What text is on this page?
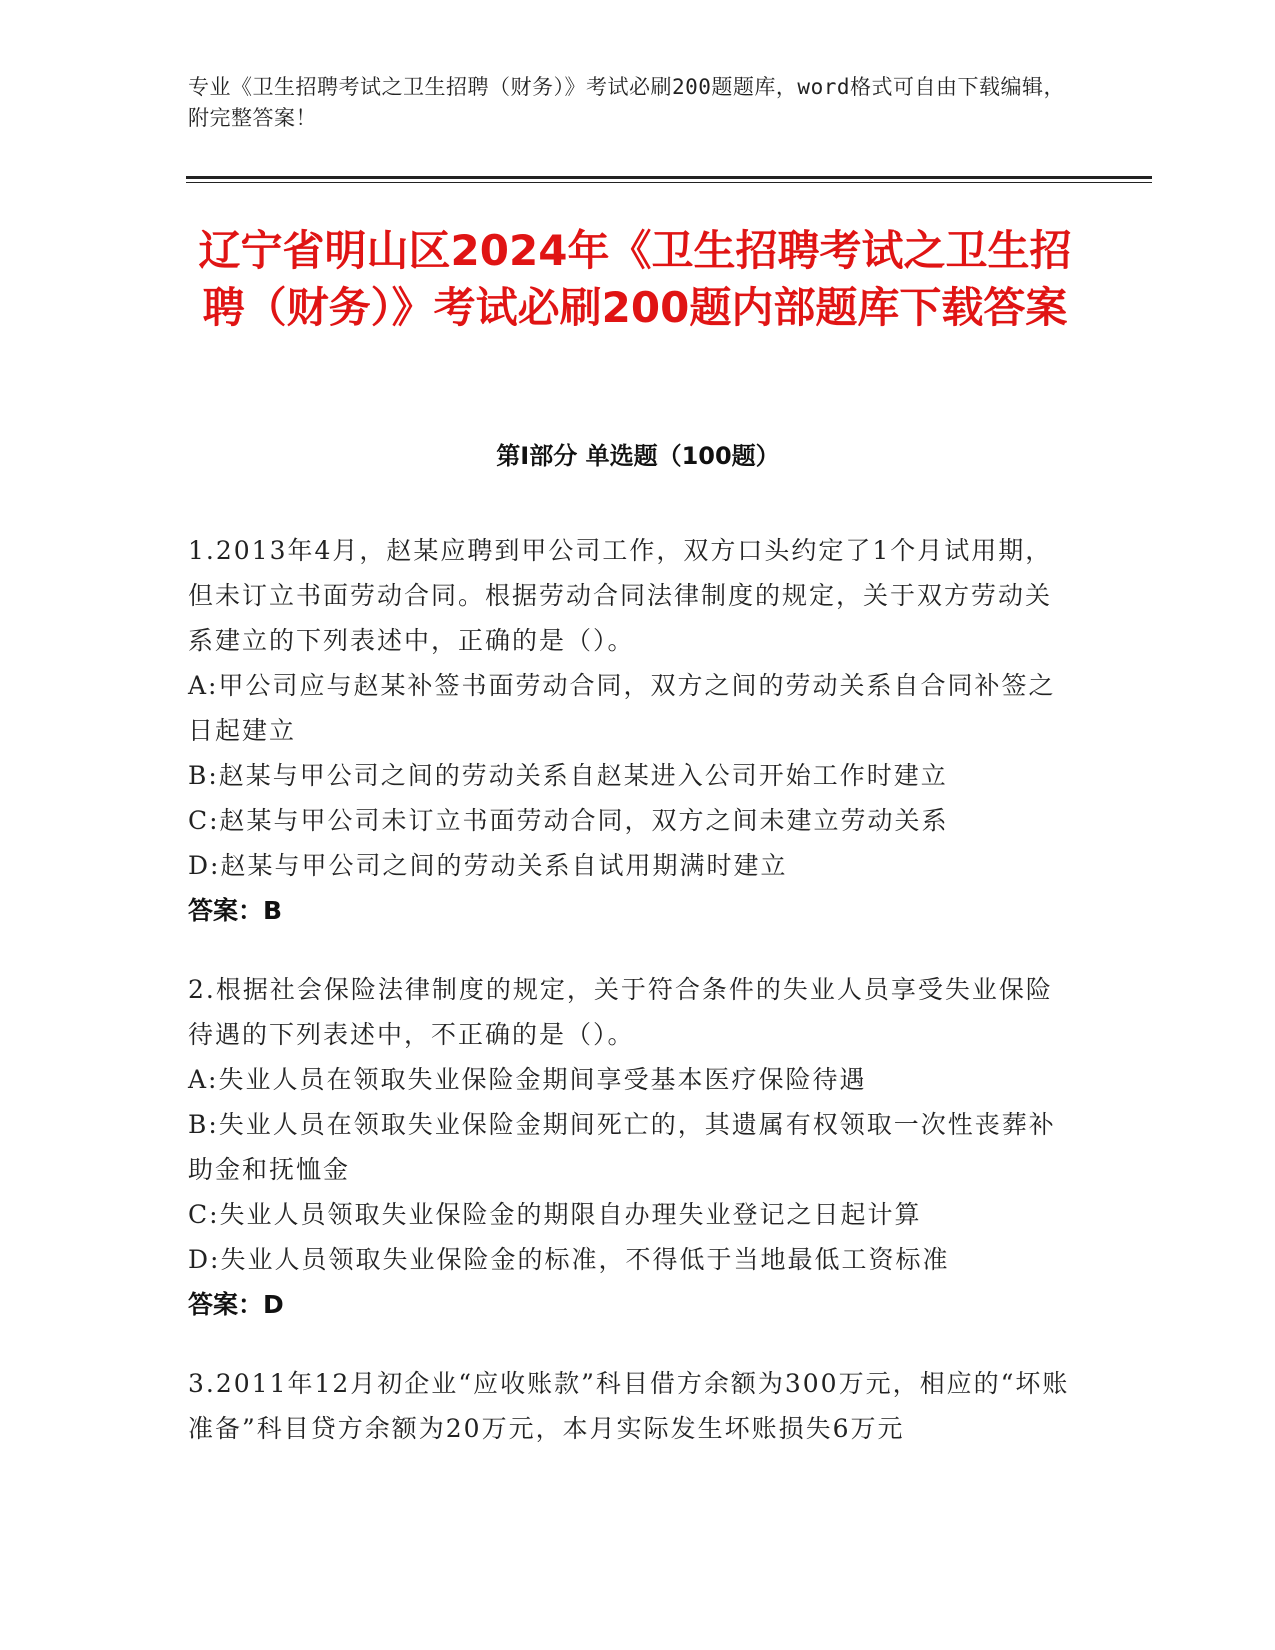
专业《卫生招聘考试之卫生招聘（财务）》考试必刷200题题库，word格式可自由下载编辑，附完整答案！
辽宁省明山区2024年《卫生招聘考试之卫生招聘（财务）》考试必刷200题内部题库下载答案
第I部分 单选题（100题）
1.2013年4月，赵某应聘到甲公司工作，双方口头约定了1个月试用期，但未订立书面劳动合同。根据劳动合同法律制度的规定，关于双方劳动关系建立的下列表述中，正确的是（）。
A:甲公司应与赵某补签书面劳动合同，双方之间的劳动关系自合同补签之日起建立
B:赵某与甲公司之间的劳动关系自赵某进入公司开始工作时建立
C:赵某与甲公司未订立书面劳动合同，双方之间未建立劳动关系
D:赵某与甲公司之间的劳动关系自试用期满时建立
答案：B
2.根据社会保险法律制度的规定，关于符合条件的失业人员享受失业保险待遇的下列表述中，不正确的是（）。
A:失业人员在领取失业保险金期间享受基本医疗保险待遇
B:失业人员在领取失业保险金期间死亡的，其遗属有权领取一次性丧葬补助金和抚恤金
C:失业人员领取失业保险金的期限自办理失业登记之日起计算
D:失业人员领取失业保险金的标准，不得低于当地最低工资标准
答案：D
3.2011年12月初企业“应收账款”科目借方余额为300万元，相应的“坏账准备”科目贷方余额为20万元，本月实际发生坏账损失6万元
